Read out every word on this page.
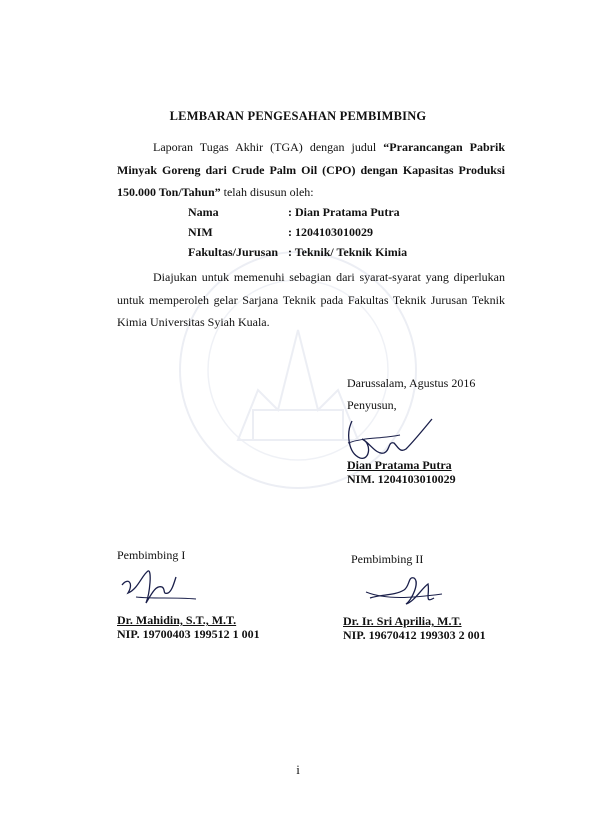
LEMBARAN PENGESAHAN PEMBIMBING
Laporan Tugas Akhir (TGA) dengan judul “Prarancangan Pabrik Minyak Goreng dari Crude Palm Oil (CPO) dengan Kapasitas Produksi 150.000 Ton/Tahun” telah disusun oleh:
Nama	: Dian Pratama Putra
NIM	: 1204103010029
Fakultas/Jurusan : Teknik/ Teknik Kimia
Diajukan untuk memenuhi sebagian dari syarat-syarat yang diperlukan untuk memperoleh gelar Sarjana Teknik pada Fakultas Teknik Jurusan Teknik Kimia Universitas Syiah Kuala.
Darussalam, Agustus 2016
Penyusun,
Dian Pratama Putra
NIM. 1204103010029
Pembimbing I	Pembimbing II
Dr. Mahidin, S.T., M.T.
NIP. 19700403 199512 1 001
Dr. Ir. Sri Aprilia, M.T.
NIP. 19670412 199303 2 001
i
